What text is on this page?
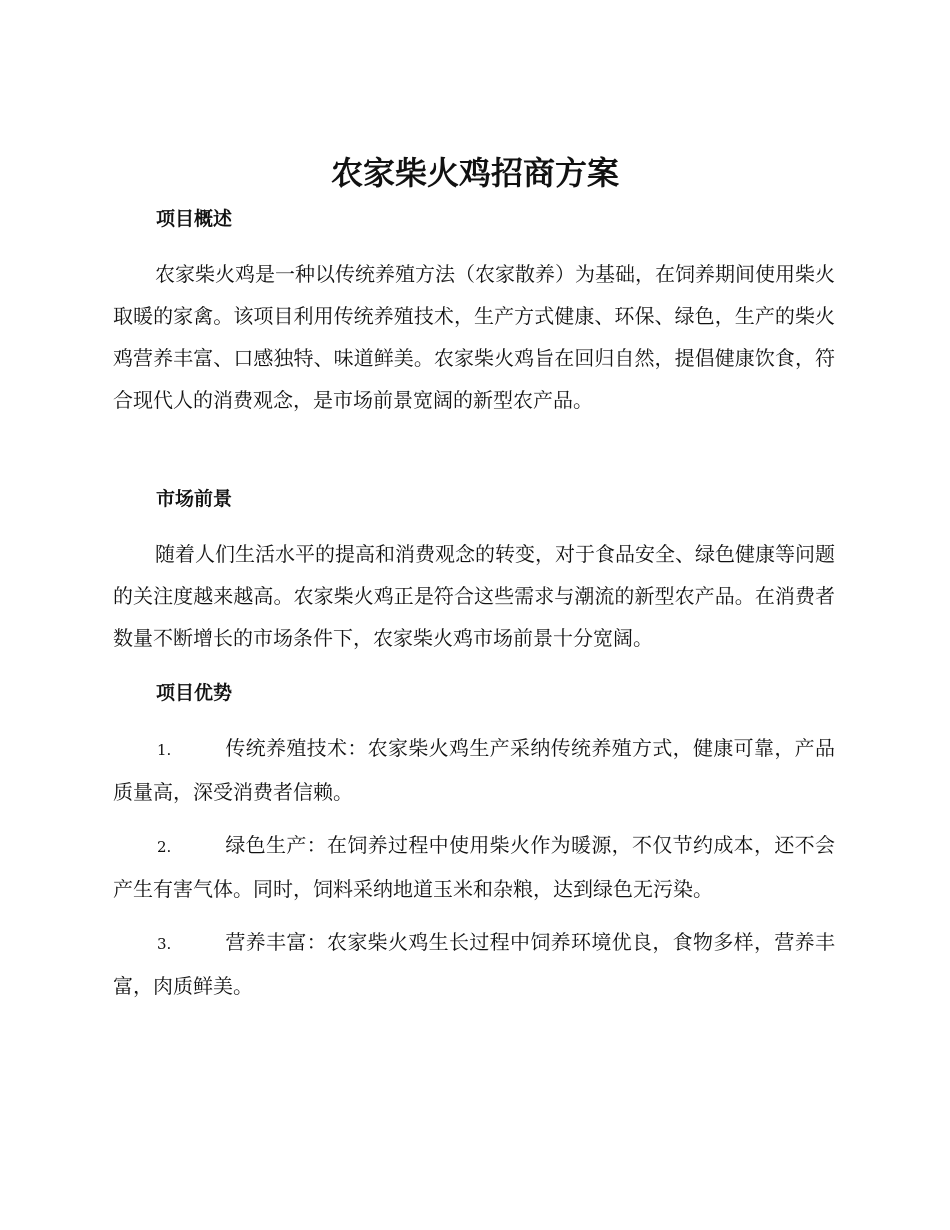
农家柴火鸡招商方案
项目概述

农家柴火鸡是一种以传统养殖方法（农家散养）为基础，在饲养期间使用柴火取暖的家禽。该项目利用传统养殖技术，生产方式健康、环保、绿色，生产的柴火鸡营养丰富、口感独特、味道鲜美。农家柴火鸡旨在回归自然，提倡健康饮食，符合现代人的消费观念，是市场前景宽阔的新型农产品。

市场前景

随着人们生活水平的提高和消费观念的转变，对于食品安全、绿色健康等问题的关注度越来越高。农家柴火鸡正是符合这些需求与潮流的新型农产品。在消费者数量不断增长的市场条件下，农家柴火鸡市场前景十分宽阔。

项目优势

1.	传统养殖技术：农家柴火鸡生产采纳传统养殖方式，健康可靠，产品质量高，深受消费者信赖。

2.	绿色生产：在饲养过程中使用柴火作为暖源，不仅节约成本，还不会产生有害气体。同时，饲料采纳地道玉米和杂粮，达到绿色无污染。

3.	营养丰富：农家柴火鸡生长过程中饲养环境优良，食物多样，营养丰富，肉质鲜美。
